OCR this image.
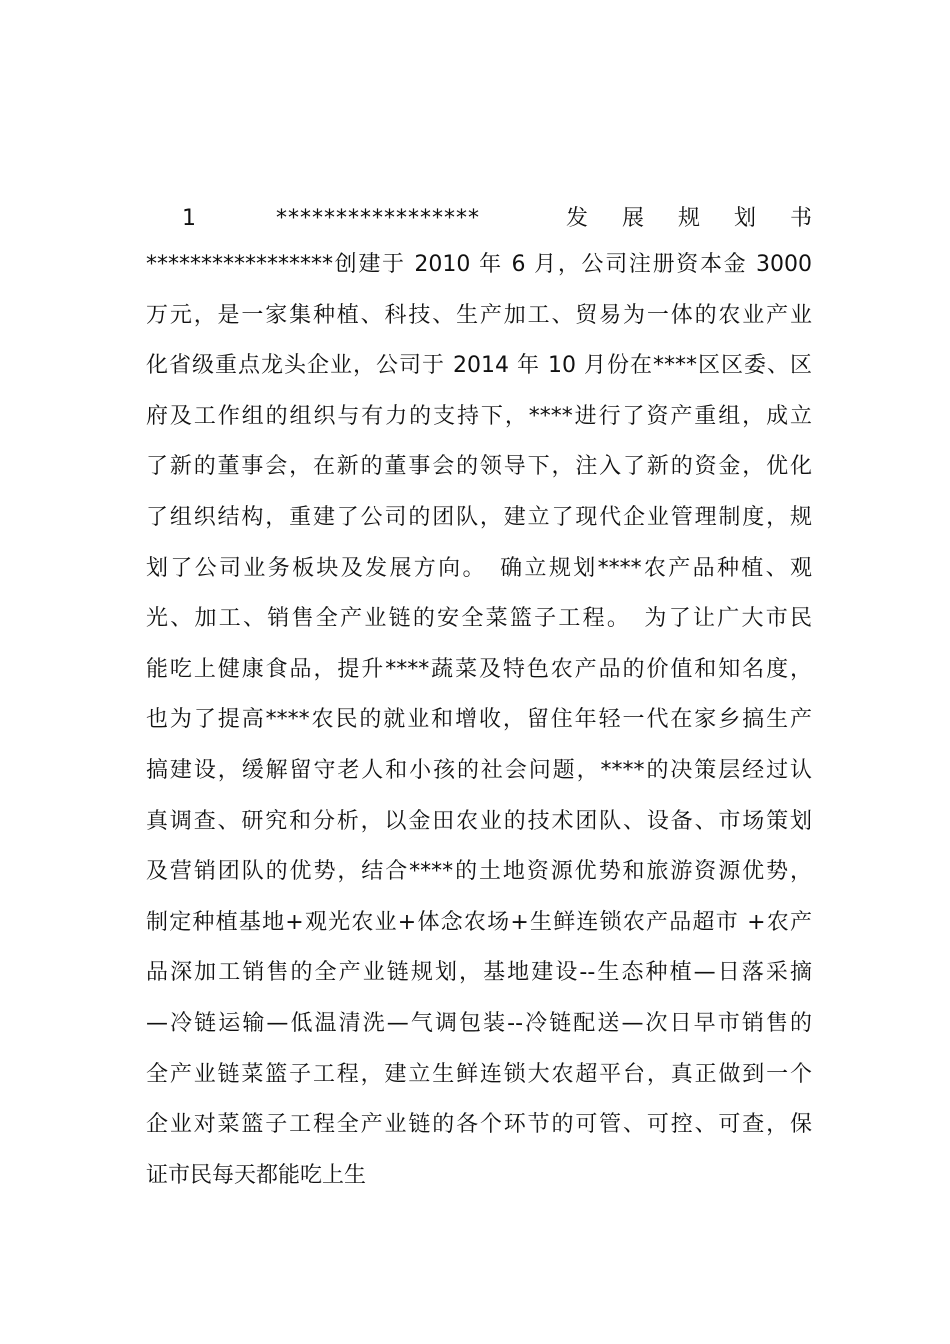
1	*****************	发 展 规 划 书
*****************创建于 2010 年 6 月，公司注册资本金 3000
万元，是一家集种植、科技、生产加工、贸易为一体的农业产业
化省级重点龙头企业，公司于 2014 年 10 月份在****区区委、区
府及工作组的组织与有力的支持下，****进行了资产重组，成立
了新的董事会，在新的董事会的领导下，注入了新的资金，优化
了组织结构，重建了公司的团队，建立了现代企业管理制度，规
划了公司业务板块及发展方向。　确立规划****农产品种植、观
光、加工、销售全产业链的安全菜篮子工程。　为了让广大市民
能吃上健康食品，提升****蔬菜及特色农产品的价值和知名度，
也为了提高****农民的就业和增收，留住年轻一代在家乡搞生产
搞建设，缓解留守老人和小孩的社会问题，****的决策层经过认
真调查、研究和分析，以金田农业的技术团队、设备、市场策划
及营销团队的优势，结合****的土地资源优势和旅游资源优势，
制定种植基地+观光农业+体念农场+生鲜连锁农产品超市 +农产
品深加工销售的全产业链规划，基地建设--生态种植—日落采摘
—冷链运输—低温清洗—气调包装--冷链配送—次日早市销售的
全产业链菜篮子工程，建立生鲜连锁大农超平台，真正做到一个
企业对菜篮子工程全产业链的各个环节的可管、可控、可查，保
证市民每天都能吃上生
